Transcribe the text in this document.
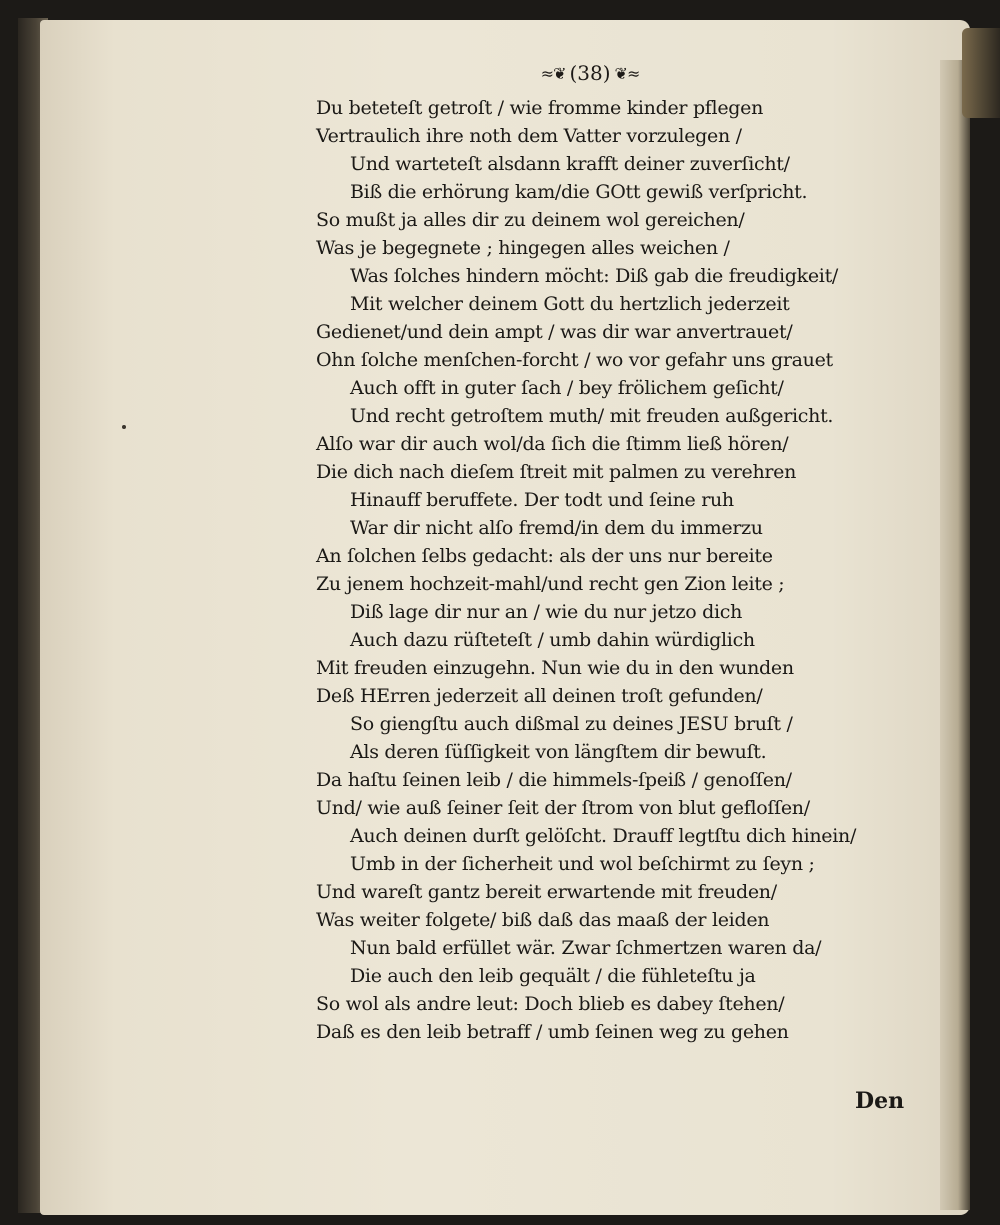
≈❦ (38) ❦≈
Du beteteſt getroſt / wie fromme kinder pflegen
Vertraulich ihre noth dem Vatter vorzulegen /
Und warteteſt alsdann krafft deiner zuverſicht/
Biß die erhörung kam/die GOtt gewiß verſpricht.
So mußt ja alles dir zu deinem wol gereichen/
Was je begegnete ; hingegen alles weichen /
Was ſolches hindern möcht: Diß gab die freudigkeit/
Mit welcher deinem Gott du hertzlich jederzeit
Gedienet/und dein ampt / was dir war anvertrauet/
Ohn ſolche menſchen-forcht / wo vor gefahr uns grauet
Auch offt in guter ſach / bey frölichem geſicht/
Und recht getroſtem muth/ mit freuden außgericht.
Alſo war dir auch wol/da ſich die ſtimm ließ hören/
Die dich nach dieſem ſtreit mit palmen zu verehren
Hinauff beruffete. Der todt und ſeine ruh
War dir nicht alſo fremd/in dem du immerzu
An ſolchen ſelbs gedacht: als der uns nur bereite
Zu jenem hochzeit-mahl/und recht gen Zion leite ;
Diß lage dir nur an / wie du nur jetzo dich
Auch dazu rüſteteſt / umb dahin würdiglich
Mit freuden einzugehn. Nun wie du in den wunden
Deß HErren jederzeit all deinen troſt gefunden/
So giengſtu auch dißmal zu deines JESU bruſt /
Als deren ſüſſigkeit von längſtem dir bewuſt.
Da haſtu ſeinen leib / die himmels-ſpeiß / genoſſen/
Und/ wie auß ſeiner ſeit der ſtrom von blut gefloſſen/
Auch deinen durſt gelöſcht. Drauff legtſtu dich hinein/
Umb in der ſicherheit und wol beſchirmt zu ſeyn ;
Und wareſt gantz bereit erwartende mit freuden/
Was weiter folgete/ biß daß das maaß der leiden
Nun bald erfüllet wär. Zwar ſchmertzen waren da/
Die auch den leib gequält / die fühleteſtu ja
So wol als andre leut: Doch blieb es dabey ſtehen/
Daß es den leib betraff / umb ſeinen weg zu gehen
Den
